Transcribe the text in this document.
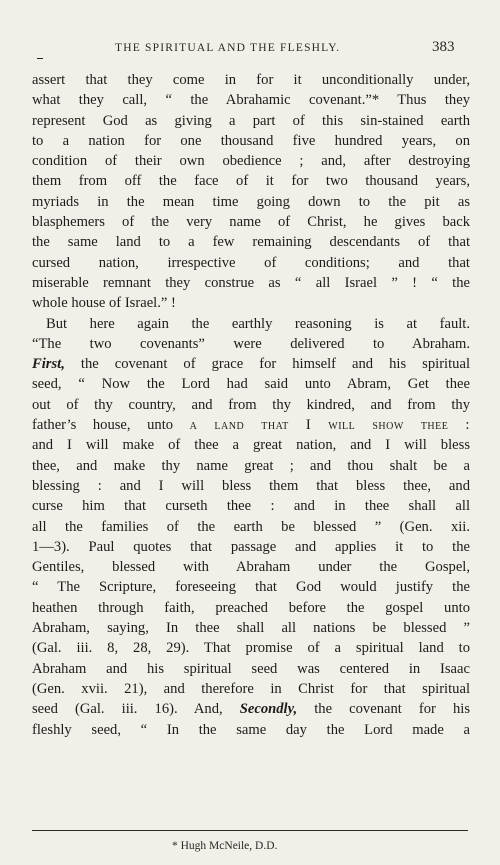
THE SPIRITUAL AND THE FLESHLY.	383
assert that they come in for it unconditionally under,
what they call, “ the Abrahamic covenant.”* Thus they
represent God as giving a part of this sin-stained earth
to a nation for one thousand five hundred years, on
condition of their own obedience ; and, after destroying
them from off the face of it for two thousand years,
myriads in the mean time going down to the pit as
blasphemers of the very name of Christ, he gives back
the same land to a few remaining descendants of that
cursed nation, irrespective of conditions; and that
miserable remnant they construe as “ all Israel ” ! “ the
whole house of Israel.” !
But here again the earthly reasoning is at fault.
“The two covenants” were delivered to Abraham.
First, the covenant of grace for himself and his spiritual
seed, “ Now the Lord had said unto Abram, Get thee
out of thy country, and from thy kindred, and from thy
father’s house, unto a land that I will show thee :
and I will make of thee a great nation, and I will bless
thee, and make thy name great ; and thou shalt be a
blessing : and I will bless them that bless thee, and
curse him that curseth thee : and in thee shall all
all the families of the earth be blessed ” (Gen. xii.
1—3). Paul quotes that passage and applies it to the
Gentiles, blessed with Abraham under the Gospel,
“ The Scripture, foreseeing that God would justify the
heathen through faith, preached before the gospel unto
Abraham, saying, In thee shall all nations be blessed ”
(Gal. iii. 8, 28, 29). That promise of a spiritual land to
Abraham and his spiritual seed was centered in Isaac
(Gen. xvii. 21), and therefore in Christ for that spiritual
seed (Gal. iii. 16). And, Secondly, the covenant for his
fleshly seed, “ In the same day the Lord made a
* Hugh McNeile, D.D.
